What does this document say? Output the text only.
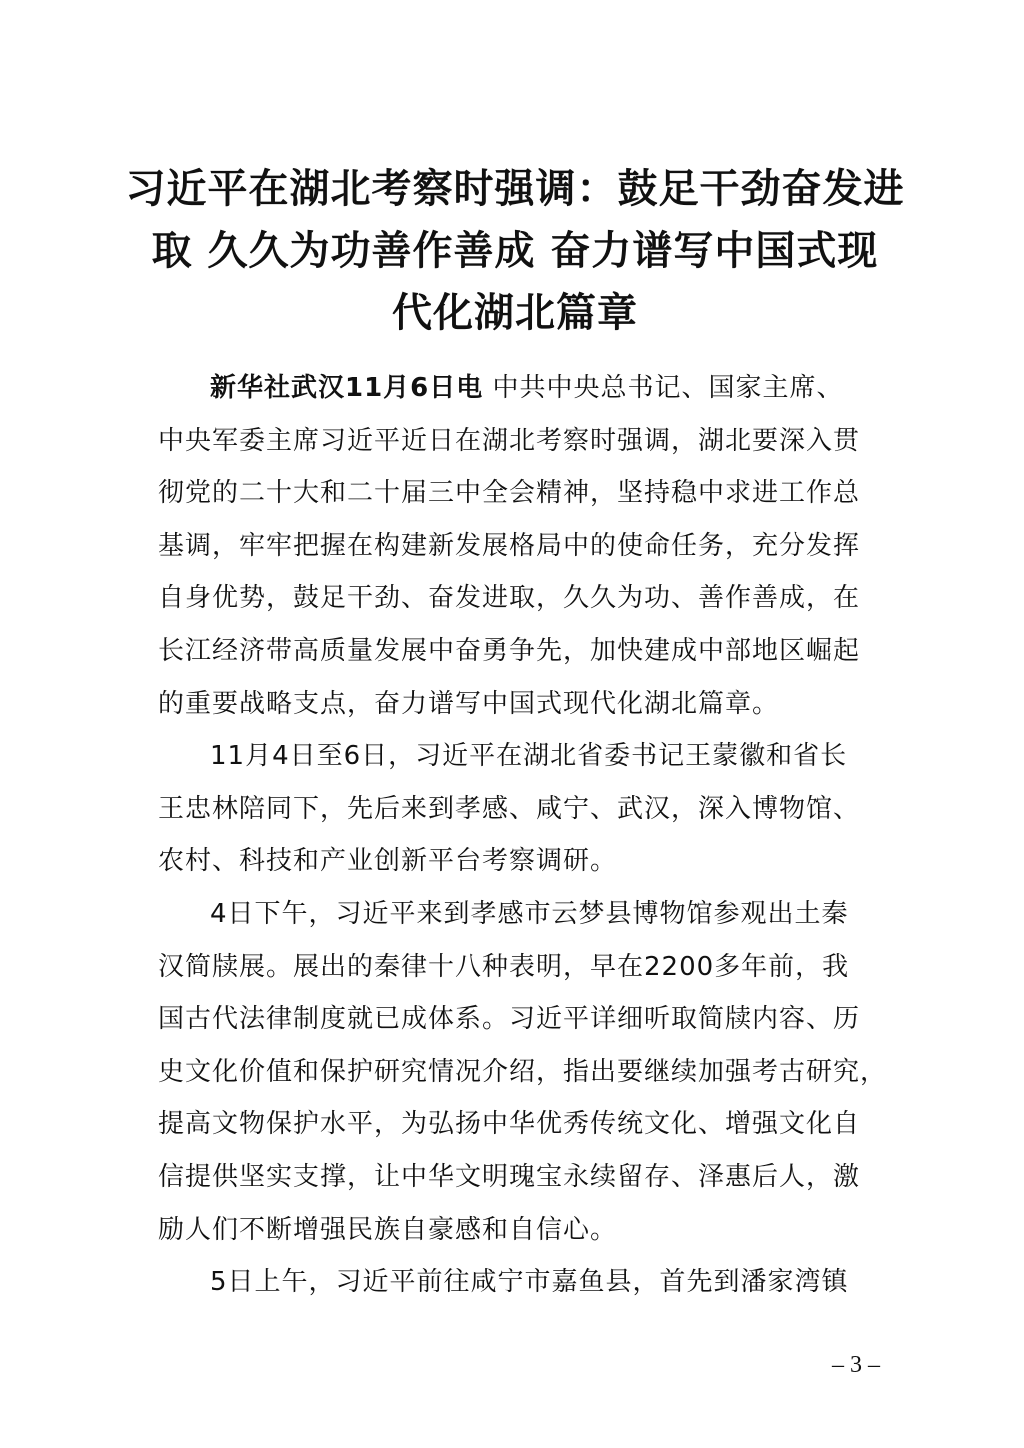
习近平在湖北考察时强调：鼓足干劲奋发进
取 久久为功善作善成 奋力谱写中国式现
代化湖北篇章
新华社武汉11月6日电 中共中央总书记、国家主席、
中央军委主席习近平近日在湖北考察时强调，湖北要深入贯
彻党的二十大和二十届三中全会精神，坚持稳中求进工作总
基调，牢牢把握在构建新发展格局中的使命任务，充分发挥
自身优势，鼓足干劲、奋发进取，久久为功、善作善成，在
长江经济带高质量发展中奋勇争先，加快建成中部地区崛起
的重要战略支点，奋力谱写中国式现代化湖北篇章。
11月4日至6日，习近平在湖北省委书记王蒙徽和省长
王忠林陪同下，先后来到孝感、咸宁、武汉，深入博物馆、
农村、科技和产业创新平台考察调研。
4日下午，习近平来到孝感市云梦县博物馆参观出土秦
汉简牍展。展出的秦律十八种表明，早在2200多年前，我
国古代法律制度就已成体系。习近平详细听取简牍内容、历
史文化价值和保护研究情况介绍，指出要继续加强考古研究，
提高文物保护水平，为弘扬中华优秀传统文化、增强文化自
信提供坚实支撑，让中华文明瑰宝永续留存、泽惠后人，激
励人们不断增强民族自豪感和自信心。
5日上午，习近平前往咸宁市嘉鱼县，首先到潘家湾镇
– 3 –
